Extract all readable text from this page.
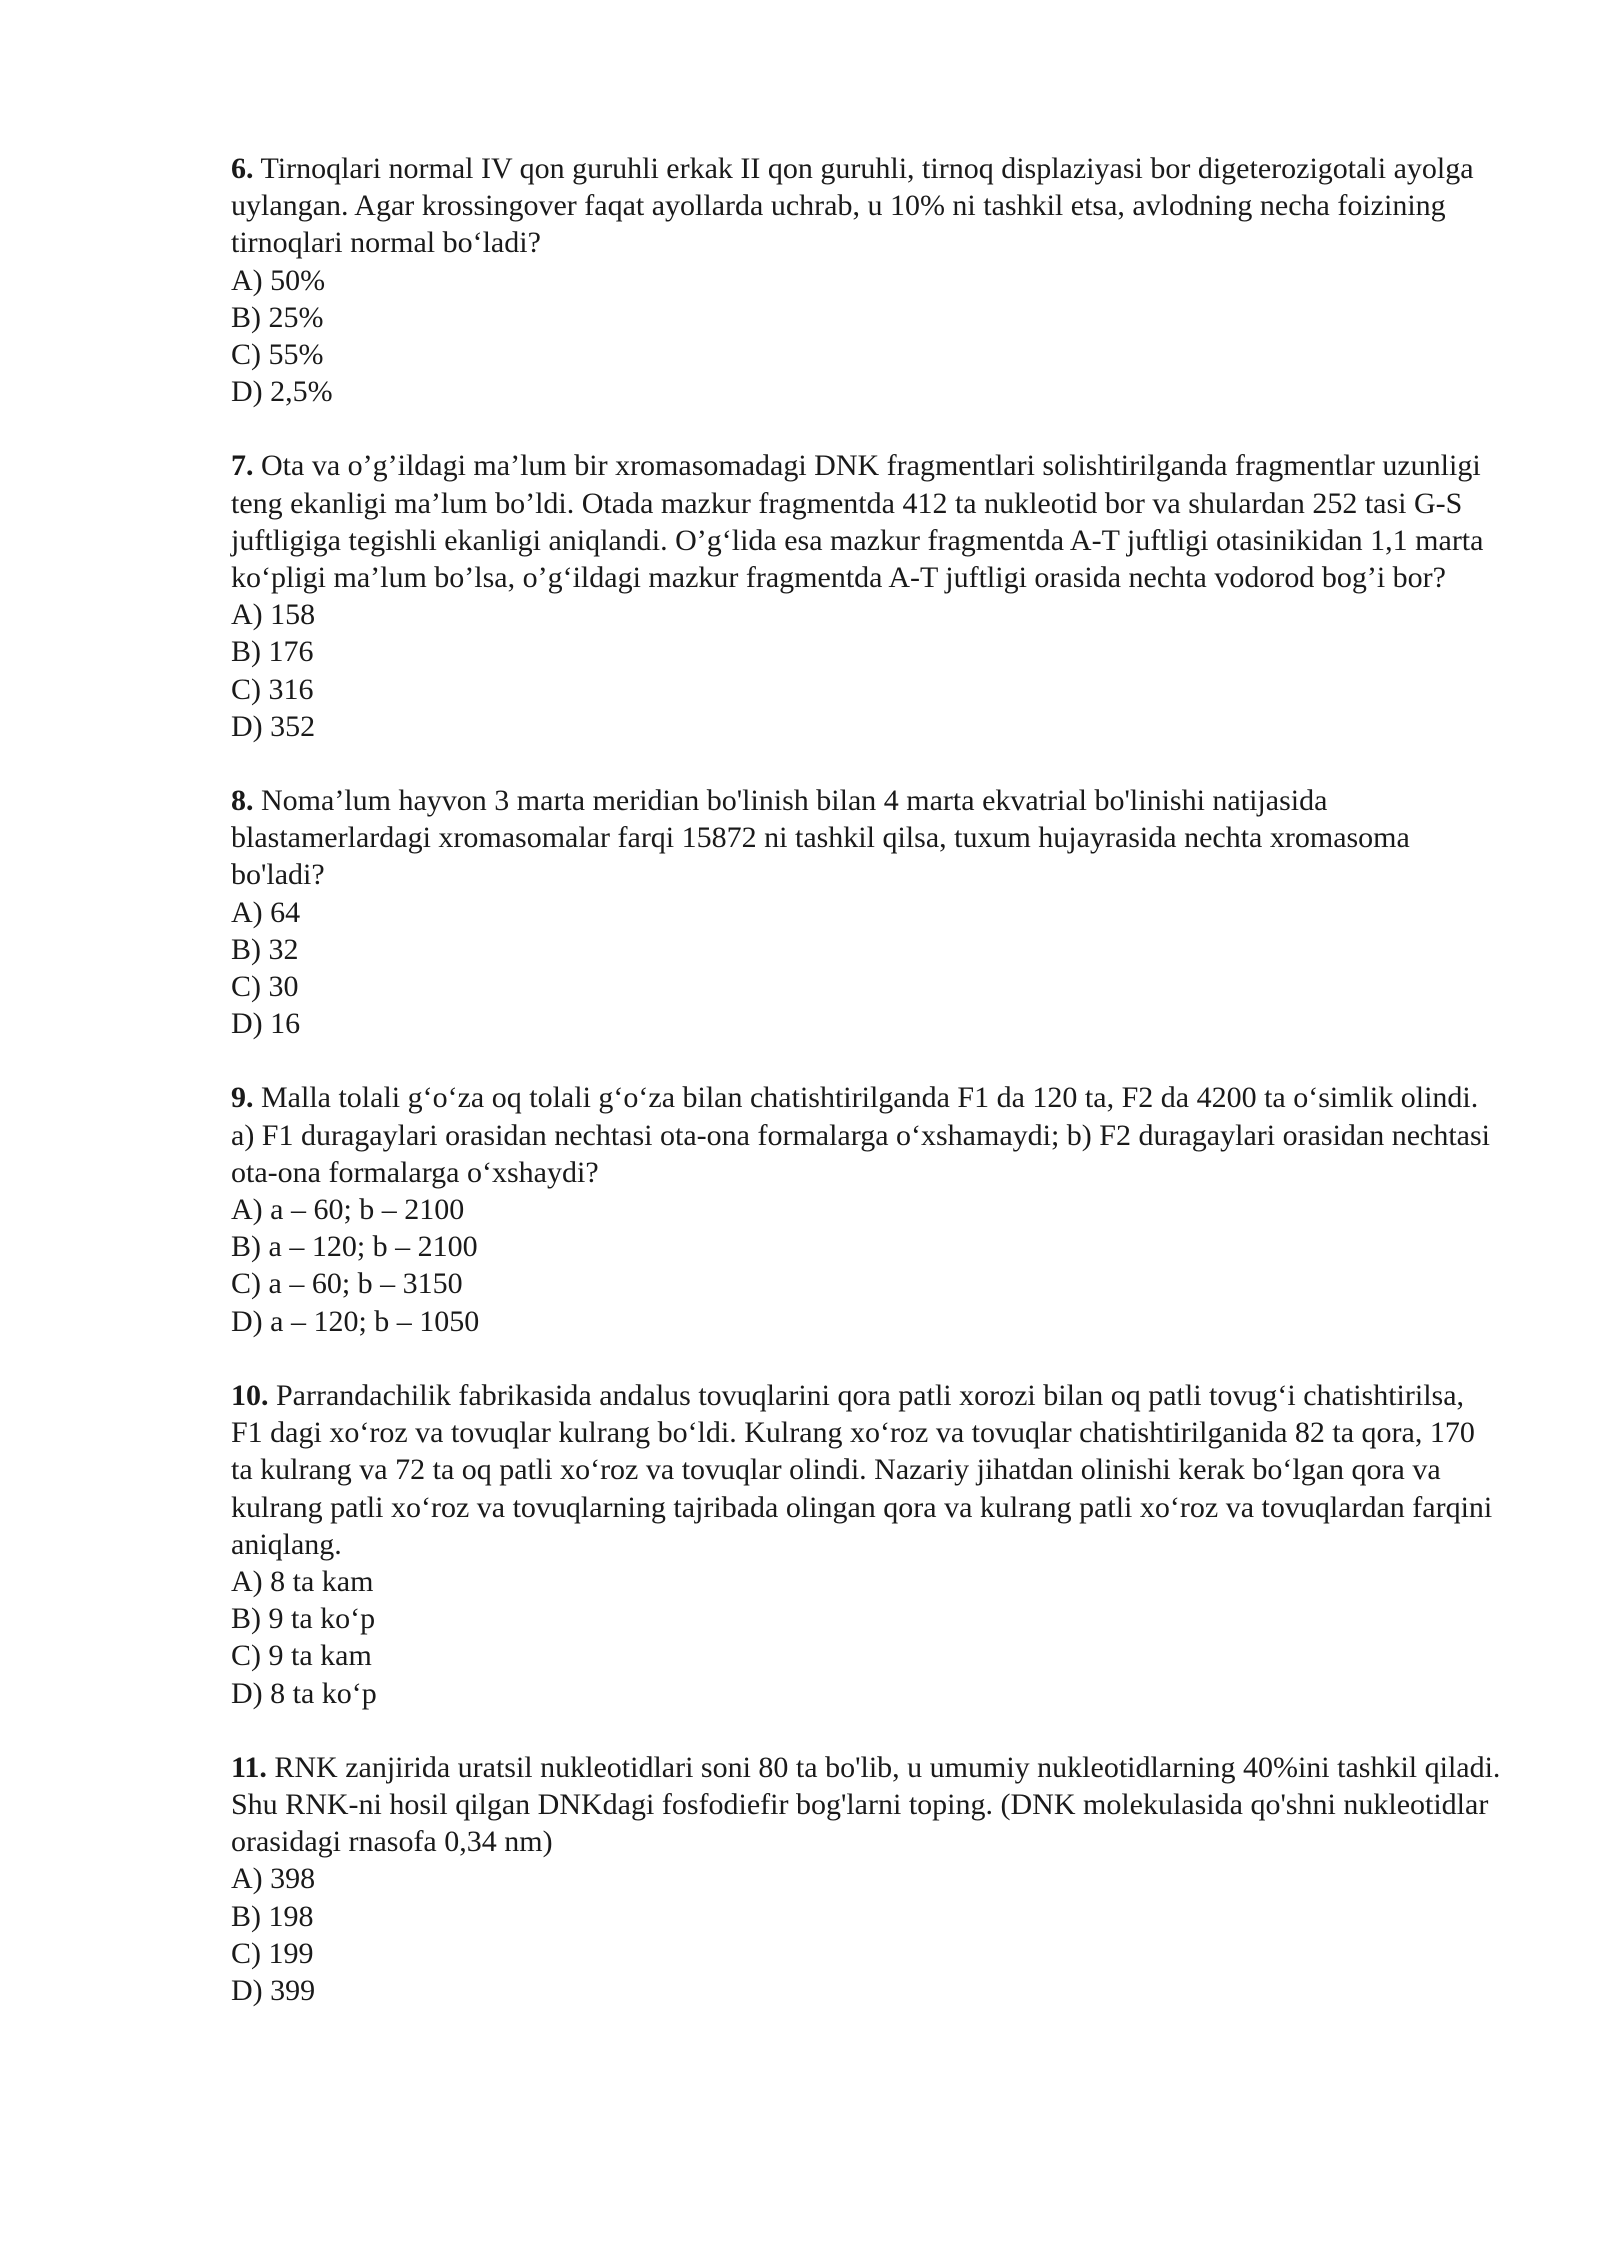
6. Tirnoqlari normal IV qon guruhli erkak II qon guruhli, tirnoq displaziyasi bor digeterozigotali ayolga uylangan. Agar krossingover faqat ayollarda uchrab, u 10% ni tashkil etsa, avlodning necha foizining tirnoqlari normal bo‘ladi?

A) 50%
B) 25%
C) 55%
D) 2,5%

7. Ota va o’g’ildagi ma’lum bir xromasomadagi DNK fragmentlari solishtirilganda fragmentlar uzunligi teng ekanligi ma’lum bo’ldi. Otada mazkur fragmentda 412 ta nukleotid bor va shulardan 252 tasi G-S juftligiga tegishli ekanligi aniqlandi. O’g‘lida esa mazkur fragmentda A-T juftligi otasinikidan 1,1 marta ko‘pligi ma’lum bo’lsa, o’g‘ildagi mazkur fragmentda A-T juftligi orasida nechta vodorod bog’i bor?

A) 158
B) 176
C) 316
D) 352

8. Noma’lum hayvon 3 marta meridian bo'linish bilan 4 marta ekvatrial bo'linishi natijasida blastamerlardagi xromasomalar farqi 15872 ni tashkil qilsa, tuxum hujayrasida nechta xromasoma bo'ladi?

A) 64
B) 32
C) 30
D) 16

9. Malla tolali g‘o‘za oq tolali g‘o‘za bilan chatishtirilganda F1 da 120 ta, F2 da 4200 ta o‘simlik olindi. a) F1 duragaylari orasidan nechtasi ota-ona formalarga o‘xshamaydi; b) F2 duragaylari orasidan nechtasi ota-ona formalarga o‘xshaydi?

A) a – 60; b – 2100
B) a – 120; b – 2100
C) a – 60; b – 3150
D) a – 120; b – 1050

10. Parrandachilik fabrikasida andalus tovuqlarini qora patli xorozi bilan oq patli tovug‘i chatishtirilsa, F1 dagi xo‘roz va tovuqlar kulrang bo‘ldi. Kulrang xo‘roz va tovuqlar chatishtirilganida 82 ta qora, 170 ta kulrang va 72 ta oq patli xo‘roz va tovuqlar olindi. Nazariy jihatdan olinishi kerak bo‘lgan qora va kulrang patli xo‘roz va tovuqlarning tajribada olingan qora va kulrang patli xo‘roz va tovuqlardan farqini aniqlang.

A) 8 ta kam
B) 9 ta ko‘p
C) 9 ta kam
D) 8 ta ko‘p

11. RNK zanjirida uratsil nukleotidlari soni 80 ta bo'lib, u umumiy nukleotidlarning 40%ini tashkil qiladi. Shu RNK-ni hosil qilgan DNKdagi fosfodiefir bog'larni toping. (DNK molekulasida qo'shni nukleotidlar orasidagi rnasofa 0,34 nm)

A) 398
B) 198
C) 199
D) 399
